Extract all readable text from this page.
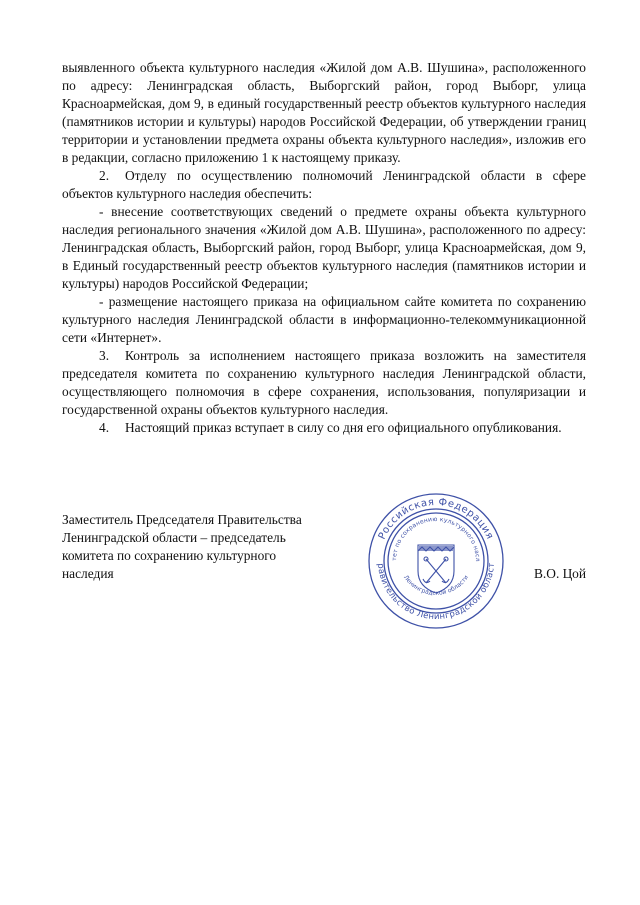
выявленного объекта культурного наследия «Жилой дом А.В. Шушина», расположенного по адресу: Ленинградская область, Выборгский район, город Выборг, улица Красноармейская, дом 9, в единый государственный реестр объектов культурного наследия (памятников истории и культуры) народов Российской Федерации, об утверждении границ территории и установлении предмета охраны объекта культурного наследия», изложив его в редакции, согласно приложению 1 к настоящему приказу.

2. Отделу по осуществлению полномочий Ленинградской области в сфере объектов культурного наследия обеспечить:

- внесение соответствующих сведений о предмете охраны объекта культурного наследия регионального значения «Жилой дом А.В. Шушина», расположенного по адресу: Ленинградская область, Выборгский район, город Выборг, улица Красноармейская, дом 9, в Единый государственный реестр объектов культурного наследия (памятников истории и культуры) народов Российской Федерации;

- размещение настоящего приказа на официальном сайте комитета по сохранению культурного наследия Ленинградской области в информационно-телекоммуникационной сети «Интернет».

3. Контроль за исполнением настоящего приказа возложить на заместителя председателя комитета по сохранению культурного наследия Ленинградской области, осуществляющего полномочия в сфере сохранения, использования, популяризации и государственной охраны объектов культурного наследия.

4. Настоящий приказ вступает в силу со дня его официального опубликования.

Заместитель Председателя Правительства
Ленинградской области – председатель
комитета по сохранению культурного
наследия
Российская Федерация
равительство Ленинградской област
тет по сохранению культурного насл
Ленинградской области	В.О. Цой
